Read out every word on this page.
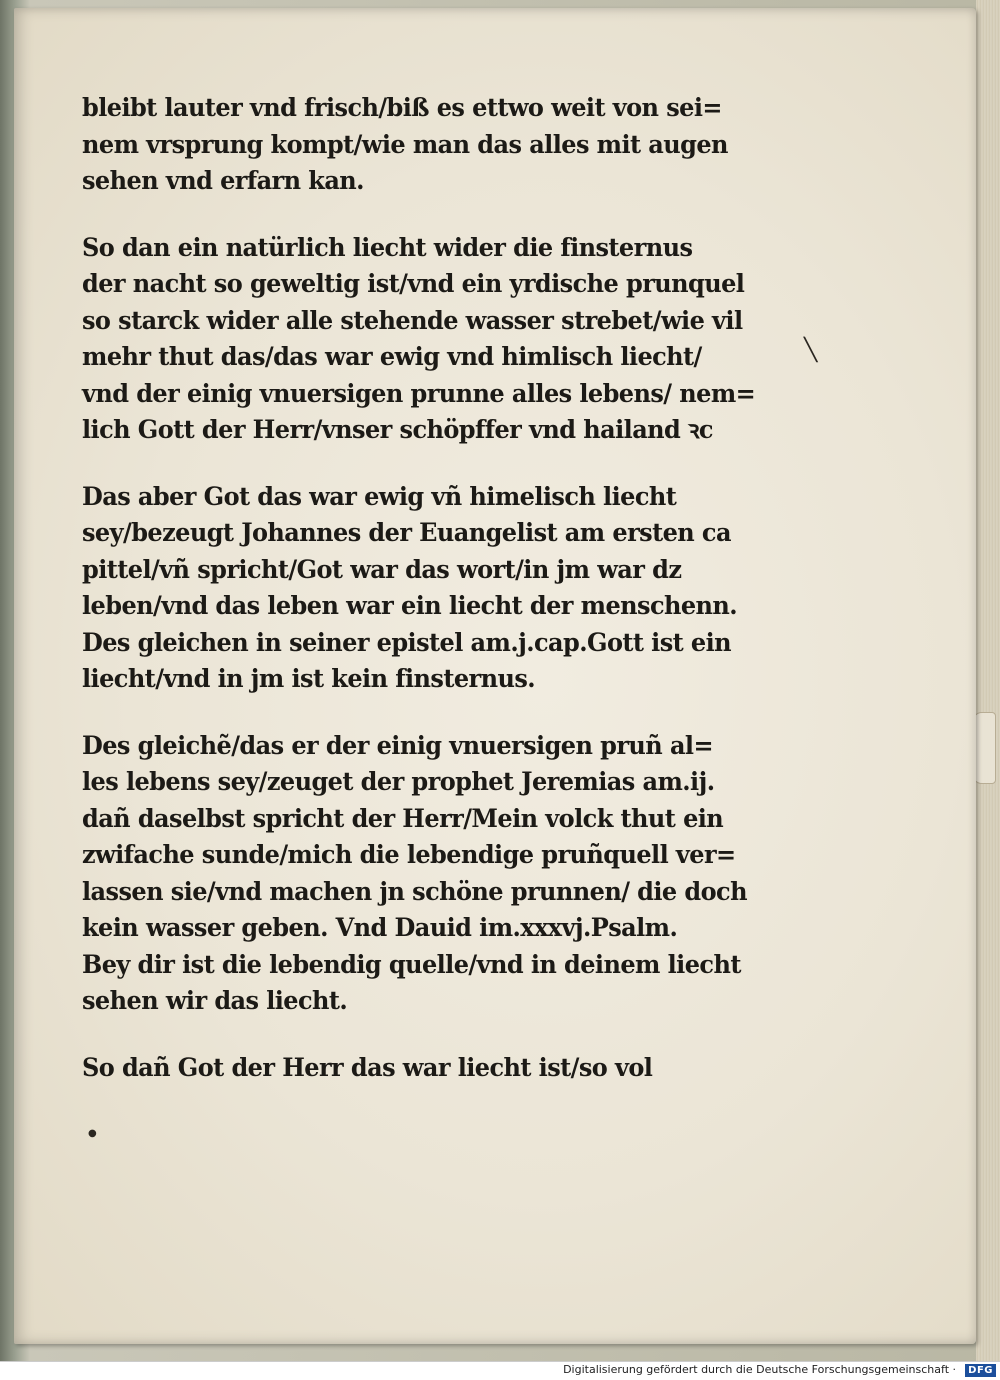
╲
●
bleibt lauter vnd frisch/biß es ettwo weit von sei=
nem vrsprung kompt/wie man das alles mit augen
sehen vnd erfarn kan.
So dan ein natürlich liecht wider die finsternus
der nacht so geweltig ist/vnd ein yrdische prunquel
so starck wider alle stehende wasser strebet/wie vil
mehr thut das/das war ewig vnd himlisch liecht/
vnd der einig vnuersigen prunne alles lebens/ nem=
lich Gott der Herr/vnser schöpffer vnd hailand ꝛc
Das aber Got das war ewig vñ himelisch liecht
sey/bezeugt Johannes der Euangelist am ersten ca
pittel/vñ spricht/Got war das wort/in jm war dz
leben/vnd das leben war ein liecht der menschenn.
Des gleichen in seiner epistel am.j.cap.Gott ist ein
liecht/vnd in jm ist kein finsternus.
Des gleichẽ/das er der einig vnuersigen pruñ al=
les lebens sey/zeuget der prophet Jeremias am.ij.
dañ daselbst spricht der Herr/Mein volck thut ein
zwifache sunde/mich die lebendige pruñquell ver=
lassen sie/vnd machen jn schöne prunnen/ die doch
kein wasser geben. Vnd Dauid im.xxxvj.Psalm.
Bey dir ist die lebendig quelle/vnd in deinem liecht
sehen wir das liecht.
So dañ Got der Herr das war liecht ist/so vol
Digitalisierung gefördert durch die Deutsche Forschungsgemeinschaft ·	DFG
